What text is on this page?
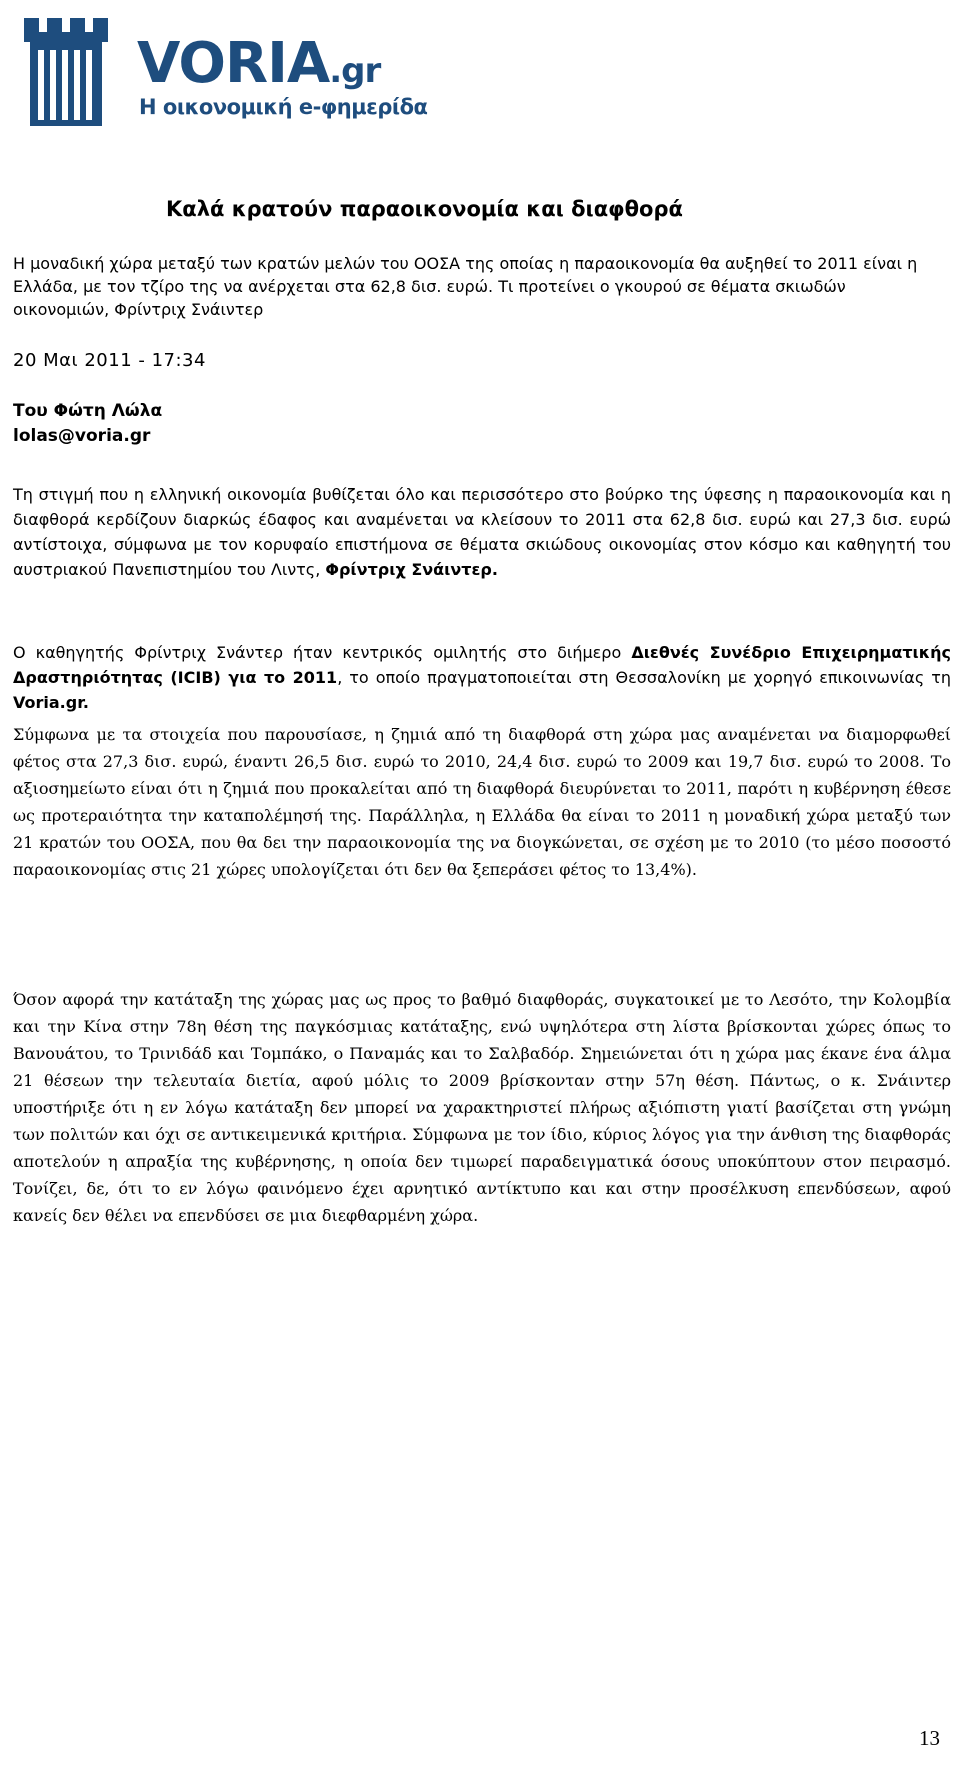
VORIA.gr
Η οικονομική e-φημερίδα
Καλά κρατούν παραοικονομία και διαφθορά
Η μοναδική χώρα μεταξύ των κρατών μελών του ΟΟΣΑ της οποίας η παραοικονομία θα αυξηθεί το 2011 είναι η Ελλάδα, με τον τζίρο της να ανέρχεται στα 62,8 δισ. ευρώ. Τι προτείνει ο γκουρού σε θέματα σκιωδών οικονομιών, Φρίντριχ Σνάιντερ
20 Μαι 2011 - 17:34
Του Φώτη Λώλα
lolas@voria.gr
Τη στιγμή που η ελληνική οικονομία βυθίζεται όλο και περισσότερο στο βούρκο της ύφεσης η παραοικονομία και η διαφθορά κερδίζουν διαρκώς έδαφος και αναμένεται να κλείσουν το 2011 στα 62,8 δισ. ευρώ και 27,3 δισ. ευρώ αντίστοιχα, σύμφωνα με τον κορυφαίο επιστήμονα σε θέματα σκιώδους οικονομίας στον κόσμο και καθηγητή του αυστριακού Πανεπιστημίου του Λιντς, Φρίντριχ Σνάιντερ.
Ο καθηγητής Φρίντριχ Σνάντερ ήταν κεντρικός ομιλητής στο διήμερο Διεθνές Συνέδριο Επιχειρηματικής Δραστηριότητας (ICIB) για το 2011, το οποίο πραγματοποιείται στη Θεσσαλονίκη με χορηγό επικοινωνίας τη Voria.gr.
Σύμφωνα με τα στοιχεία που παρουσίασε, η ζημιά από τη διαφθορά στη χώρα μας αναμένεται να διαμορφωθεί φέτος στα 27,3 δισ. ευρώ, έναντι 26,5 δισ. ευρώ το 2010, 24,4 δισ. ευρώ το 2009 και 19,7 δισ. ευρώ το 2008. Το αξιοσημείωτο είναι ότι η ζημιά που προκαλείται από τη διαφθορά διευρύνεται το 2011, παρότι η κυβέρνηση έθεσε ως προτεραιότητα την καταπολέμησή της. Παράλληλα, η Ελλάδα θα είναι το 2011 η μοναδική χώρα μεταξύ των 21 κρατών του ΟΟΣΑ, που θα δει την παραοικονομία της να διογκώνεται, σε σχέση με το 2010 (το μέσο ποσοστό παραοικονομίας στις 21 χώρες υπολογίζεται ότι δεν θα ξεπεράσει φέτος το 13,4%).
Όσον αφορά την κατάταξη της χώρας μας ως προς το βαθμό διαφθοράς, συγκατοικεί με το Λεσότο, την Κολομβία και την Κίνα στην 78η θέση της παγκόσμιας κατάταξης, ενώ υψηλότερα στη λίστα βρίσκονται χώρες όπως το Βανουάτου, το Τρινιδάδ και Τομπάκο, ο Παναμάς και το Σαλβαδόρ. Σημειώνεται ότι η χώρα μας έκανε ένα άλμα 21 θέσεων την τελευταία διετία, αφού μόλις το 2009 βρίσκονταν στην 57η θέση. Πάντως, ο κ. Σνάιντερ υποστήριξε ότι η εν λόγω κατάταξη δεν μπορεί να χαρακτηριστεί πλήρως αξιόπιστη γιατί βασίζεται στη γνώμη των πολιτών και όχι σε αντικειμενικά κριτήρια. Σύμφωνα με τον ίδιο, κύριος λόγος για την άνθιση της διαφθοράς αποτελούν η απραξία της κυβέρνησης, η οποία δεν τιμωρεί παραδειγματικά όσους υποκύπτουν στον πειρασμό. Τονίζει, δε, ότι το εν λόγω φαινόμενο έχει αρνητικό αντίκτυπο και και στην προσέλκυση επενδύσεων, αφού κανείς δεν θέλει να επενδύσει σε μια διεφθαρμένη χώρα.
13
